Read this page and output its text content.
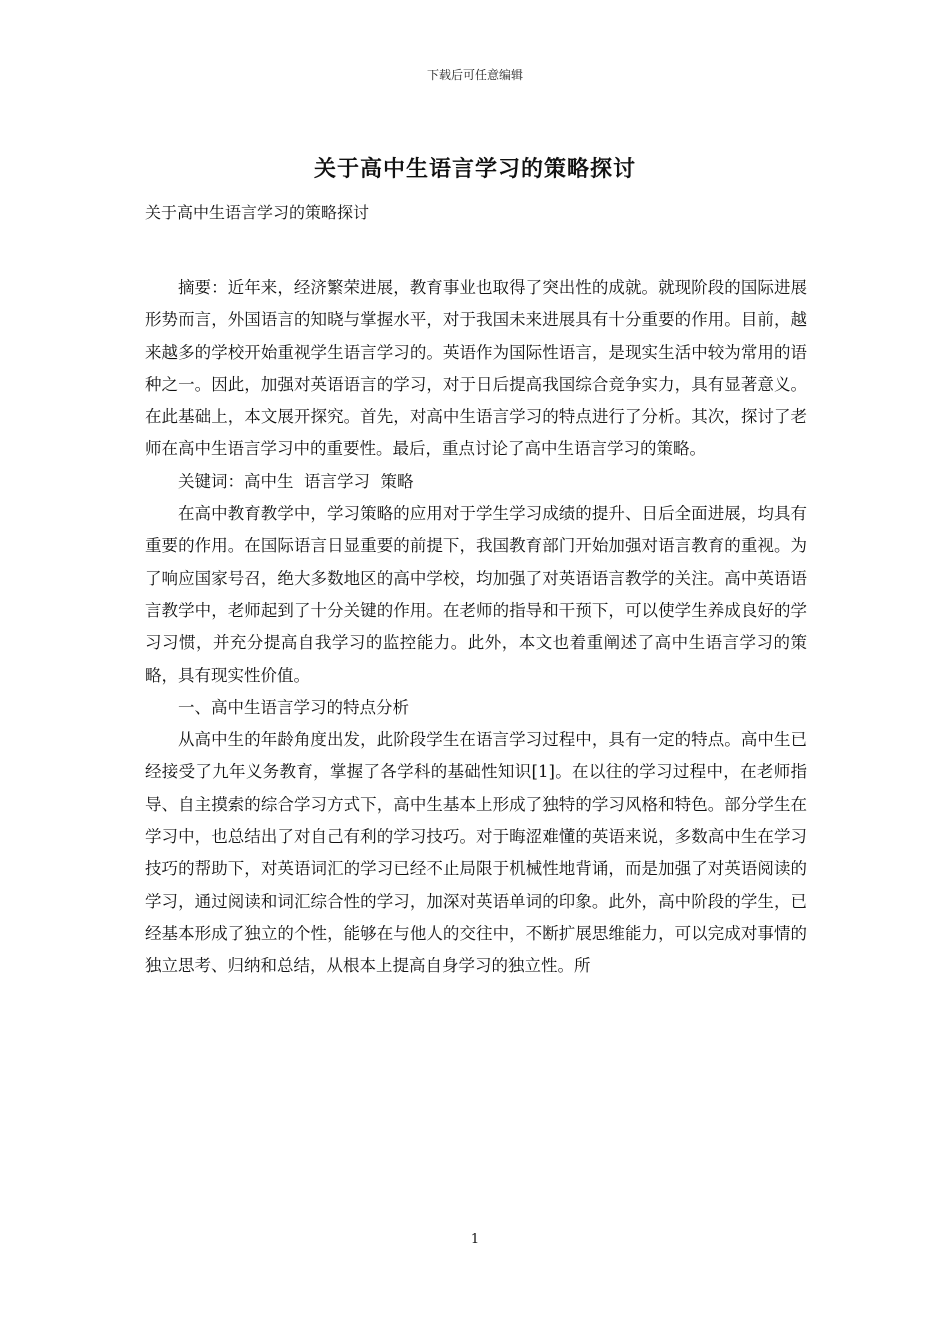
下载后可任意编辑
关于高中生语言学习的策略探讨
关于高中生语言学习的策略探讨

摘要：近年来，经济繁荣进展，教育事业也取得了突出性的成就。就现阶段的国际进展形势而言，外国语言的知晓与掌握水平，对于我国未来进展具有十分重要的作用。目前，越来越多的学校开始重视学生语言学习的。英语作为国际性语言，是现实生活中较为常用的语种之一。因此，加强对英语语言的学习，对于日后提高我国综合竞争实力，具有显著意义。在此基础上，本文展开探究。首先，对高中生语言学习的特点进行了分析。其次，探讨了老师在高中生语言学习中的重要性。最后，重点讨论了高中生语言学习的策略。

关键词：高中生  语言学习  策略

在高中教育教学中，学习策略的应用对于学生学习成绩的提升、日后全面进展，均具有重要的作用。在国际语言日显重要的前提下，我国教育部门开始加强对语言教育的重视。为了响应国家号召，绝大多数地区的高中学校，均加强了对英语语言教学的关注。高中英语语言教学中，老师起到了十分关键的作用。在老师的指导和干预下，可以使学生养成良好的学习习惯，并充分提高自我学习的监控能力。此外，本文也着重阐述了高中生语言学习的策略，具有现实性价值。

一、高中生语言学习的特点分析

从高中生的年龄角度出发，此阶段学生在语言学习过程中，具有一定的特点。高中生已经接受了九年义务教育，掌握了各学科的基础性知识[1]。在以往的学习过程中，在老师指导、自主摸索的综合学习方式下，高中生基本上形成了独特的学习风格和特色。部分学生在学习中，也总结出了对自己有利的学习技巧。对于晦涩难懂的英语来说，多数高中生在学习技巧的帮助下，对英语词汇的学习已经不止局限于机械性地背诵，而是加强了对英语阅读的学习，通过阅读和词汇综合性的学习，加深对英语单词的印象。此外，高中阶段的学生，已经基本形成了独立的个性，能够在与他人的交往中，不断扩展思维能力，可以完成对事情的独立思考、归纳和总结，从根本上提高自身学习的独立性。所

1
